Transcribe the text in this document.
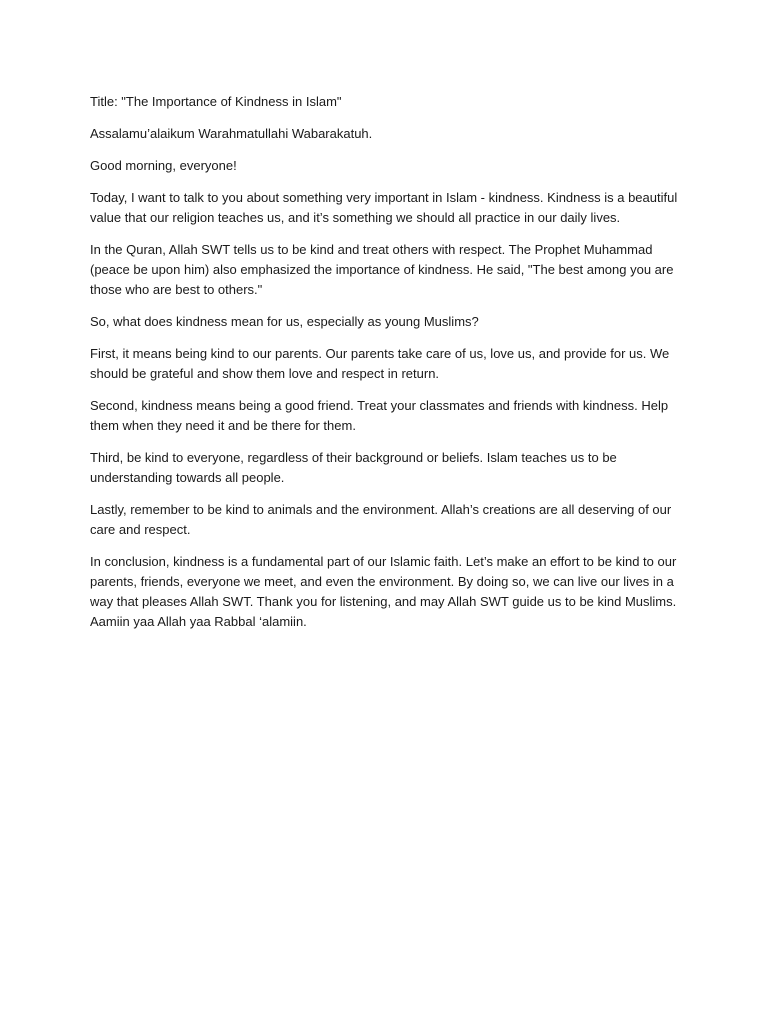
Title: "The Importance of Kindness in Islam"

Assalamu’alaikum Warahmatullahi Wabarakatuh.

Good morning, everyone!

Today, I want to talk to you about something very important in Islam - kindness. Kindness is a beautiful value that our religion teaches us, and it’s something we should all practice in our daily lives.

In the Quran, Allah SWT tells us to be kind and treat others with respect. The Prophet Muhammad (peace be upon him) also emphasized the importance of kindness. He said, "The best among you are those who are best to others."

So, what does kindness mean for us, especially as young Muslims?

First, it means being kind to our parents. Our parents take care of us, love us, and provide for us. We should be grateful and show them love and respect in return.

Second, kindness means being a good friend. Treat your classmates and friends with kindness. Help them when they need it and be there for them.

Third, be kind to everyone, regardless of their background or beliefs. Islam teaches us to be understanding towards all people.

Lastly, remember to be kind to animals and the environment. Allah’s creations are all deserving of our care and respect.

In conclusion, kindness is a fundamental part of our Islamic faith. Let’s make an effort to be kind to our parents, friends, everyone we meet, and even the environment. By doing so, we can live our lives in a way that pleases Allah SWT. Thank you for listening, and may Allah SWT guide us to be kind Muslims. Aamiin yaa Allah yaa Rabbal ‘alamiin.
